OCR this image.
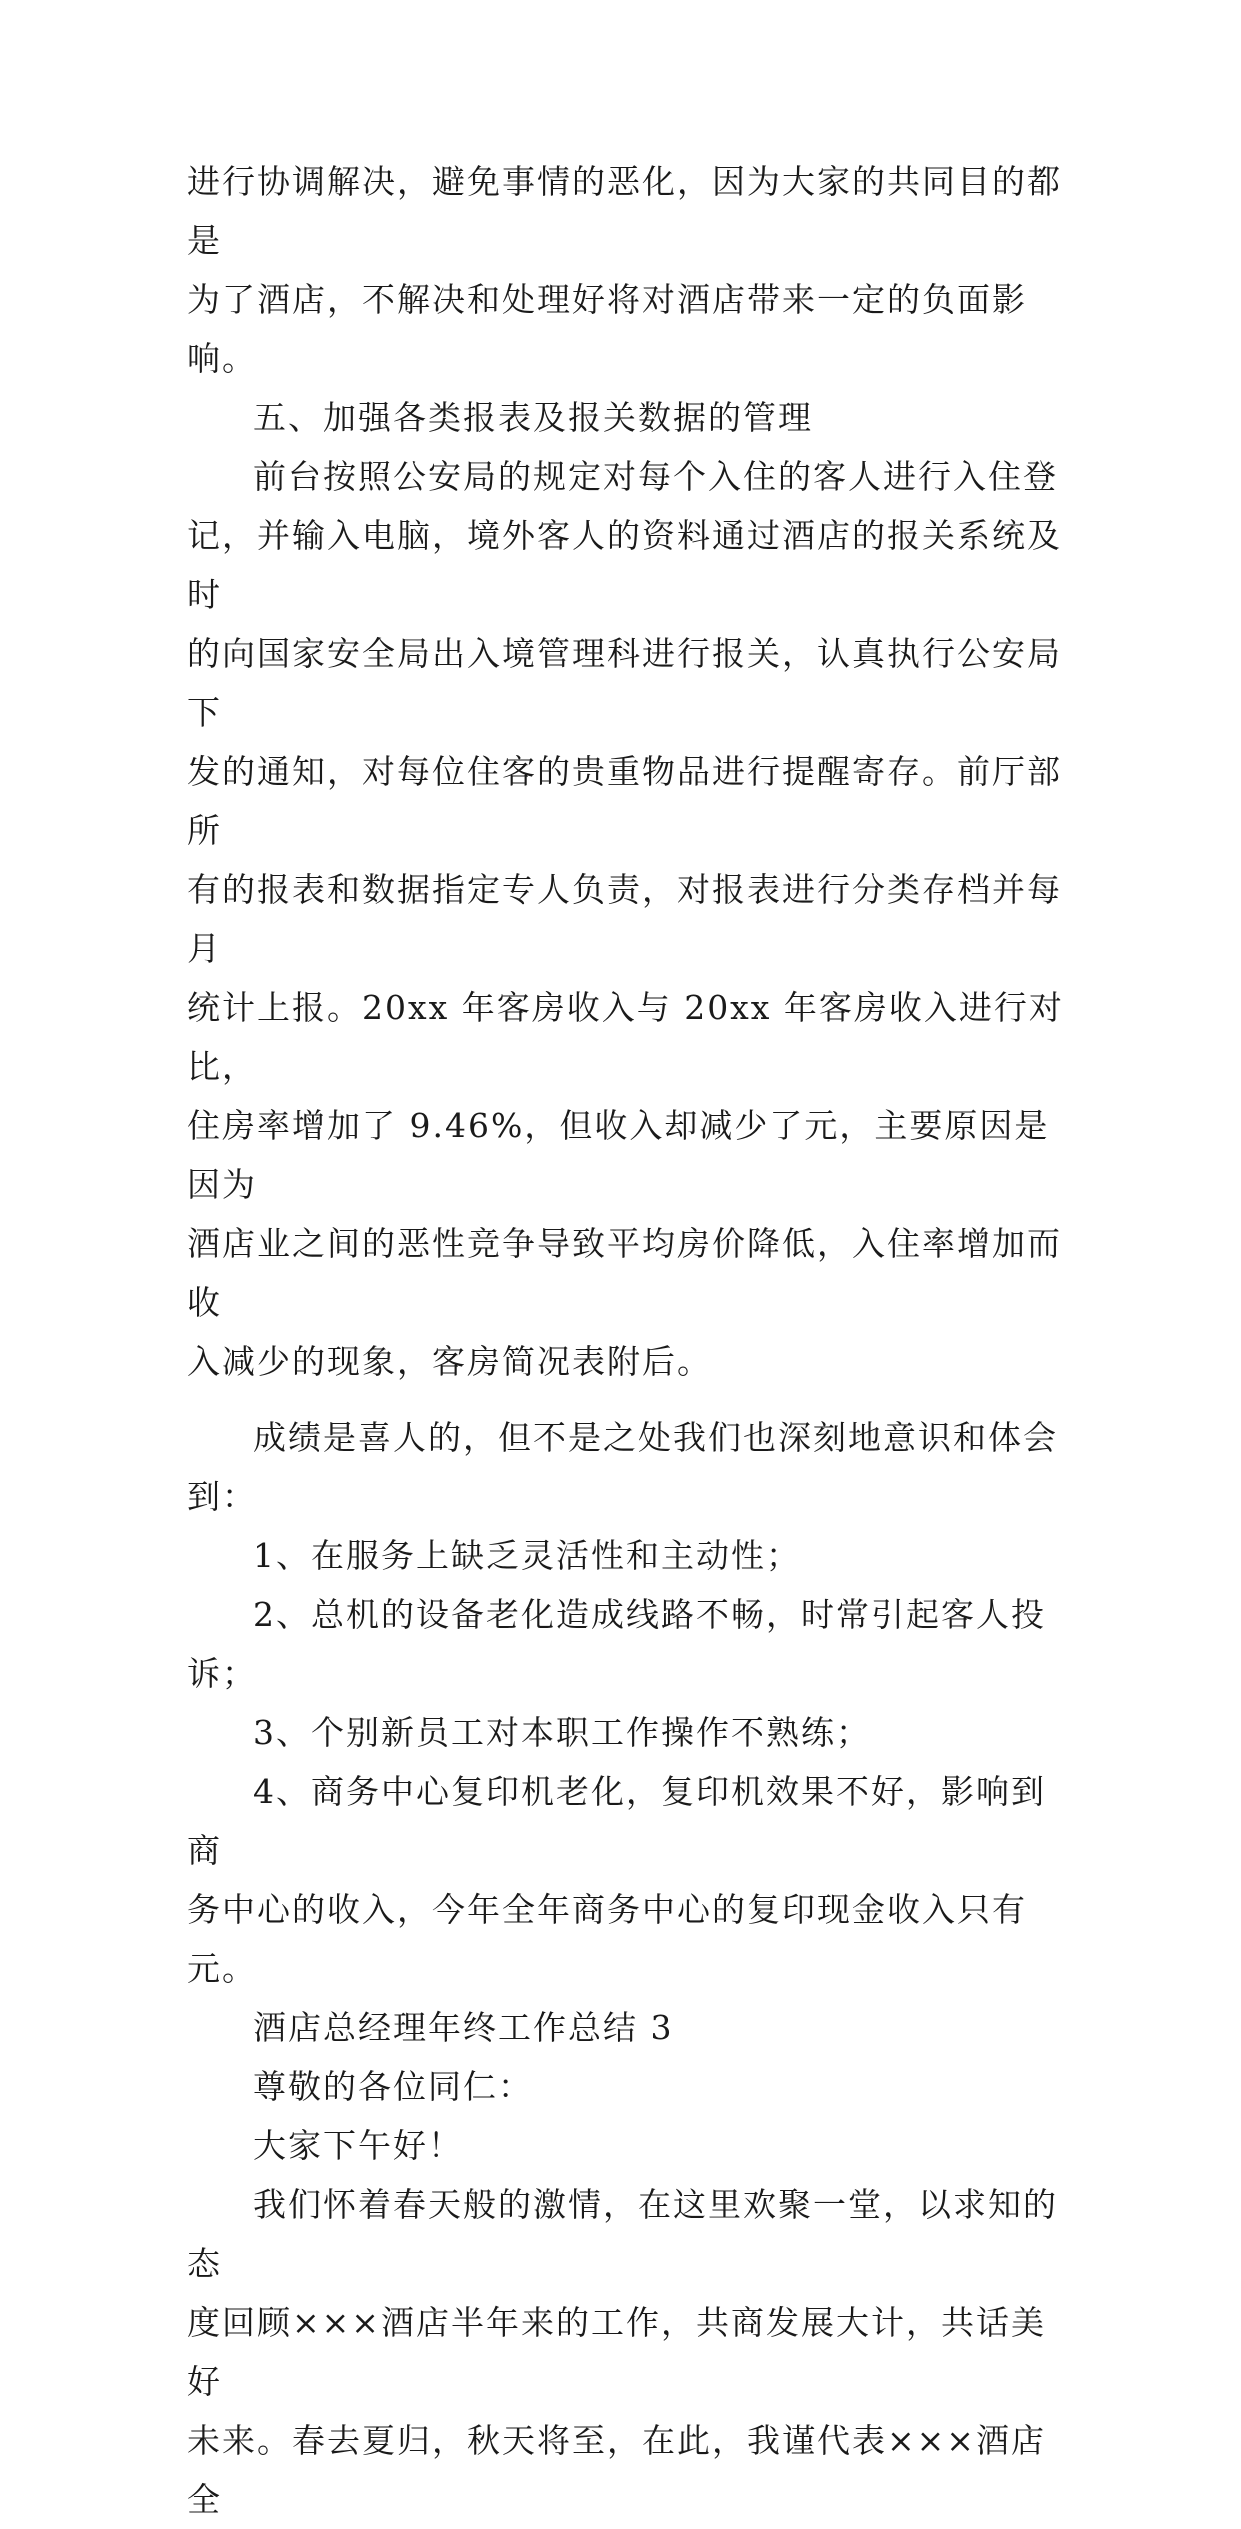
进行协调解决，避免事情的恶化，因为大家的共同目的都是
为了酒店，不解决和处理好将对酒店带来一定的负面影响。

五、加强各类报表及报关数据的管理

前台按照公安局的规定对每个入住的客人进行入住登
记，并输入电脑，境外客人的资料通过酒店的报关系统及时
的向国家安全局出入境管理科进行报关，认真执行公安局下
发的通知，对每位住客的贵重物品进行提醒寄存。前厅部所
有的报表和数据指定专人负责，对报表进行分类存档并每月
统计上报。20xx 年客房收入与 20xx 年客房收入进行对比，
住房率增加了 9.46%，但收入却减少了元，主要原因是因为
酒店业之间的恶性竞争导致平均房价降低，入住率增加而收
入减少的现象，客房简况表附后。

成绩是喜人的，但不是之处我们也深刻地意识和体会到：

1、在服务上缺乏灵活性和主动性；

2、总机的设备老化造成线路不畅，时常引起客人投诉；

3、个别新员工对本职工作操作不熟练；

4、商务中心复印机老化，复印机效果不好，影响到商
务中心的收入，今年全年商务中心的复印现金收入只有元。

酒店总经理年终工作总结 3

尊敬的各位同仁：

大家下午好！

我们怀着春天般的激情，在这里欢聚一堂，以求知的态
度回顾×××酒店半年来的工作，共商发展大计，共话美好
未来。春去夏归，秋天将至，在此，我谨代表×××酒店全
